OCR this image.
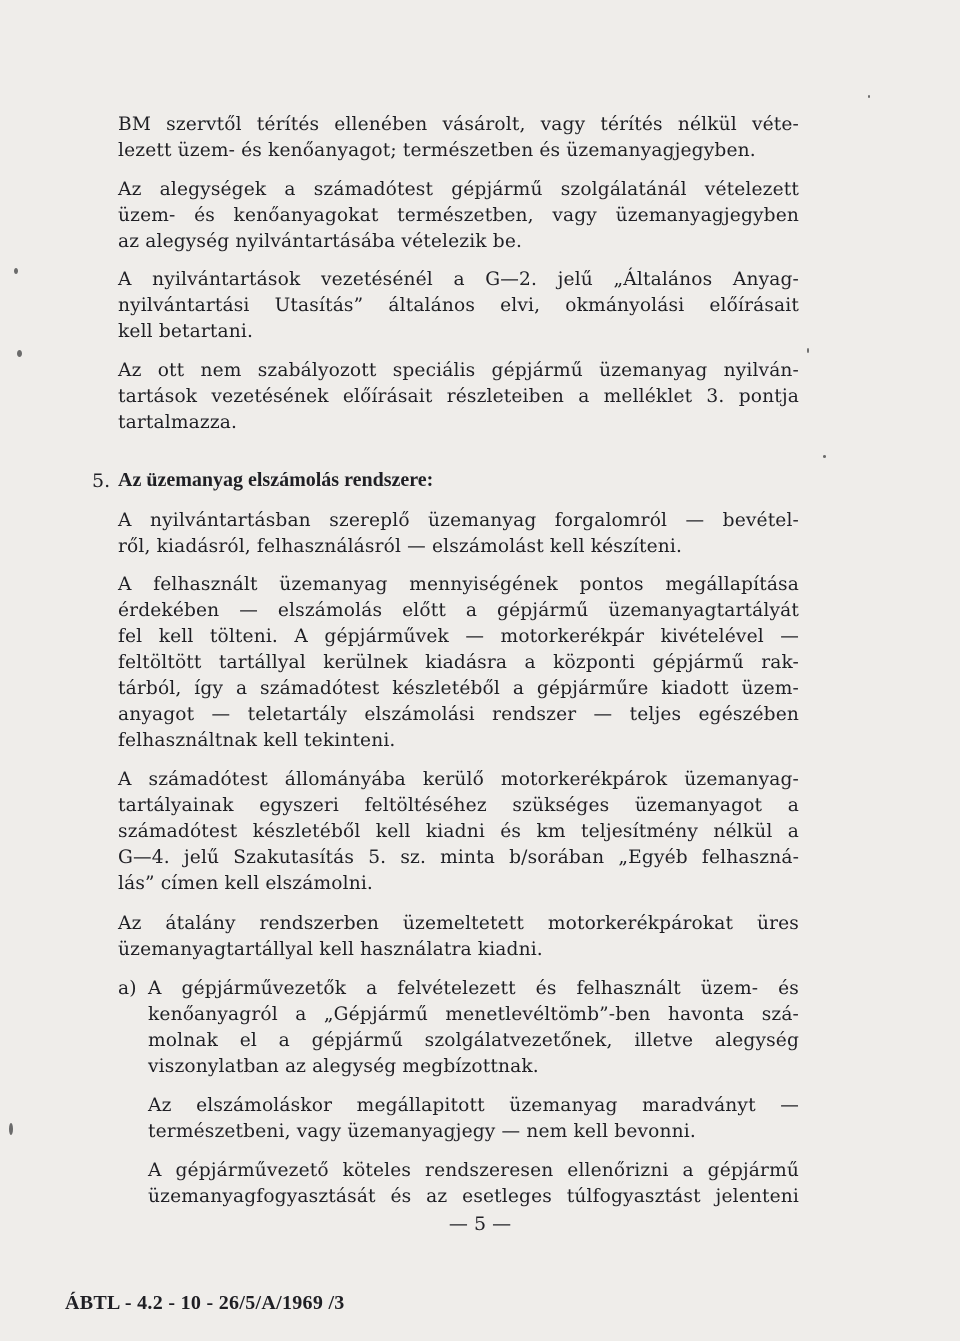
BM szervtől térítés ellenében vásárolt, vagy térítés nélkül véte-
lezett üzem- és kenőanyagot; természetben és üzemanyagjegyben.
Az alegységek a számadótest gépjármű szolgálatánál vételezett
üzem- és kenőanyagokat természetben, vagy üzemanyagjegyben
az alegység nyilvántartásába vételezik be.
A nyilvántartások vezetésénél a G—2. jelű „Általános Anyag-
nyilvántartási Utasítás” általános elvi, okmányolási előírásait
kell betartani.
Az ott nem szabályozott speciális gépjármű üzemanyag nyilván-
tartások vezetésének előírásait részleteiben a melléklet 3. pontja
tartalmazza.
5. Az üzemanyag elszámolás rendszere:
A nyilvántartásban szereplő üzemanyag forgalomról — bevétel-
ről, kiadásról, felhasználásról — elszámolást kell készíteni.
A felhasznált üzemanyag mennyiségének pontos megállapítása
érdekében — elszámolás előtt a gépjármű üzemanyagtartályát
fel kell tölteni. A gépjárművek — motorkerékpár kivételével —
feltöltött tartállyal kerülnek kiadásra a központi gépjármű rak-
tárból, így a számadótest készletéből a gépjárműre kiadott üzem-
anyagot — teletartály elszámolási rendszer — teljes egészében
felhasználtnak kell tekinteni.
A számadótest állományába kerülő motorkerékpárok üzemanyag-
tartályainak egyszeri feltöltéséhez szükséges üzemanyagot a
számadótest készletéből kell kiadni és km teljesítmény nélkül a
G—4. jelű Szakutasítás 5. sz. minta b/sorában „Egyéb felhaszná-
lás” címen kell elszámolni.
Az átalány rendszerben üzemeltetett motorkerékpárokat üres
üzemanyagtartállyal kell használatra kiadni.
a) A gépjárművezetők a felvételezett és felhasznált üzem- és
kenőanyagról a „Gépjármű menetlevéltömb”-ben havonta szá-
molnak el a gépjármű szolgálatvezetőnek, illetve alegység
viszonylatban az alegység megbízottnak.
Az elszámoláskor megállapitott üzemanyag maradványt —
természetbeni, vagy üzemanyagjegy — nem kell bevonni.
A gépjárművezető köteles rendszeresen ellenőrizni a gépjármű
üzemanyagfogyasztását és az esetleges túlfogyasztást jelenteni
— 5 —
ÁBTL - 4.2 - 10 - 26/5/A/1969 /3
